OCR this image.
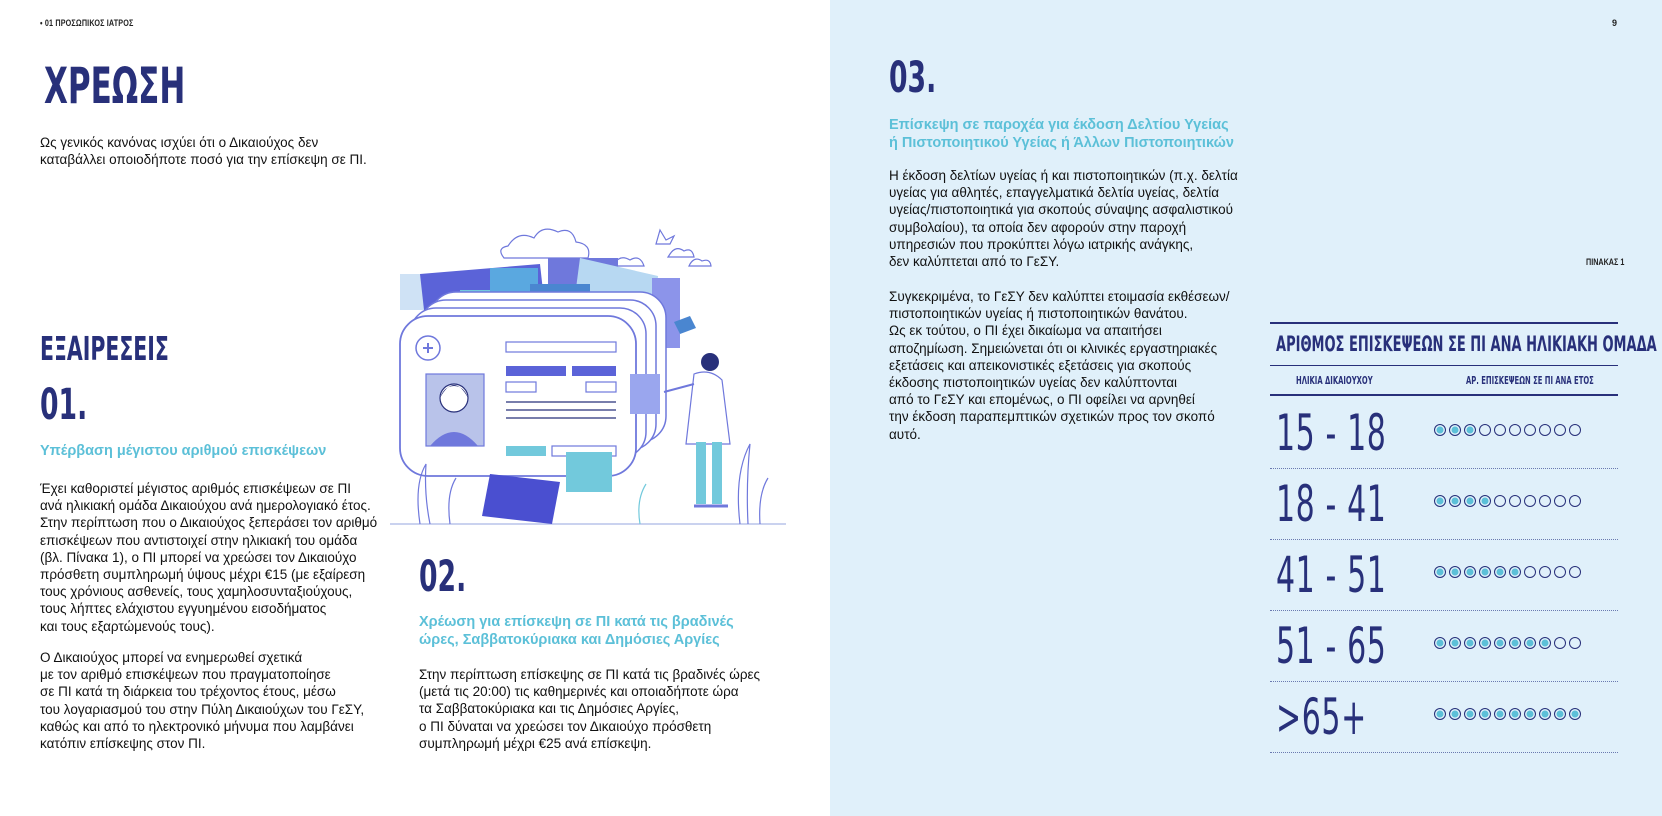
• 01 ΠΡΟΣΩΠΙΚΟΣ ΙΑΤΡΟΣ
ΧΡΕΩΣΗ
Ως γενικός κανόνας ισχύει ότι ο Δικαιούχος δεν
καταβάλλει οποιοδήποτε ποσό για την επίσκεψη σε ΠΙ.
ΕΞΑΙΡΕΣΕΙΣ
01.
Υπέρβαση μέγιστου αριθμού επισκέψεων
Έχει καθοριστεί μέγιστος αριθμός επισκέψεων σε ΠΙ
ανά ηλικιακή ομάδα Δικαιούχου ανά ημερολογιακό έτος.
Στην περίπτωση που ο Δικαιούχος ξεπεράσει τον αριθμό
επισκέψεων που αντιστοιχεί στην ηλικιακή του ομάδα
(βλ. Πίνακα 1), ο ΠΙ μπορεί να χρεώσει τον Δικαιούχο
πρόσθετη συμπληρωμή ύψους μέχρι €15 (με εξαίρεση
τους χρόνιους ασθενείς, τους χαμηλοσυνταξιούχους,
τους λήπτες ελάχιστου εγγυημένου εισοδήματος
και τους εξαρτώμενούς τους).
Ο Δικαιούχος μπορεί να ενημερωθεί σχετικά
με τον αριθμό επισκέψεων που πραγματοποίησε
σε ΠΙ κατά τη διάρκεια του τρέχοντος έτους, μέσω
του λογαριασμού του στην Πύλη Δικαιούχων του ΓεΣΥ,
καθώς και από το ηλεκτρονικό μήνυμα που λαμβάνει
κατόπιν επίσκεψης στον ΠΙ.
02.
Χρέωση για επίσκεψη σε ΠΙ κατά τις βραδινές
ώρες, Σαββατοκύριακα και Δημόσιες Αργίες
Στην περίπτωση επίσκεψης σε ΠΙ κατά τις βραδινές ώρες
(μετά τις 20:00) τις καθημερινές και οποιαδήποτε ώρα
τα Σαββατοκύριακα και τις Δημόσιες Αργίες,
ο ΠΙ δύναται να χρεώσει τον Δικαιούχο πρόσθετη
συμπληρωμή μέχρι €25 ανά επίσκεψη.
9
03.
Επίσκεψη σε παροχέα για έκδοση Δελτίου Υγείας
ή Πιστοποιητικού Υγείας ή Άλλων Πιστοποιητικών
Η έκδοση δελτίων υγείας ή και πιστοποιητικών (π.χ. δελτία
υγείας για αθλητές, επαγγελματικά δελτία υγείας, δελτία
υγείας/πιστοποιητικά για σκοπούς σύναψης ασφαλιστικού
συμβολαίου), τα οποία δεν αφορούν στην παροχή
υπηρεσιών που προκύπτει λόγω ιατρικής ανάγκης,
δεν καλύπτεται από το ΓεΣΥ.
Συγκεκριμένα, το ΓεΣΥ δεν καλύπτει ετοιμασία εκθέσεων/
πιστοποιητικών υγείας ή πιστοποιητικών θανάτου.
Ως εκ τούτου, ο ΠΙ έχει δικαίωμα να απαιτήσει
αποζημίωση. Σημειώνεται ότι οι κλινικές εργαστηριακές
εξετάσεις και απεικονιστικές εξετάσεις για σκοπούς
έκδοσης πιστοποιητικών υγείας δεν καλύπτονται
από το ΓεΣΥ και επομένως, ο ΠΙ οφείλει να αρνηθεί
την έκδοση παραπεμπτικών σχετικών προς τον σκοπό
αυτό.
ΠΙΝΑΚΑΣ 1
ΑΡΙΘΜΟΣ ΕΠΙΣΚΕΨΕΩΝ ΣΕ ΠΙ ΑΝΑ ΗΛΙΚΙΑΚΗ ΟΜΑΔΑ
ΗΛΙΚΙΑ ΔΙΚΑΙΟΥΧΟΥ	ΑΡ. ΕΠΙΣΚΕΨΕΩΝ ΣΕ ΠΙ ΑΝΑ ΕΤΟΣ
15 - 18
18 - 41
41 - 51
51 - 65
>65+
